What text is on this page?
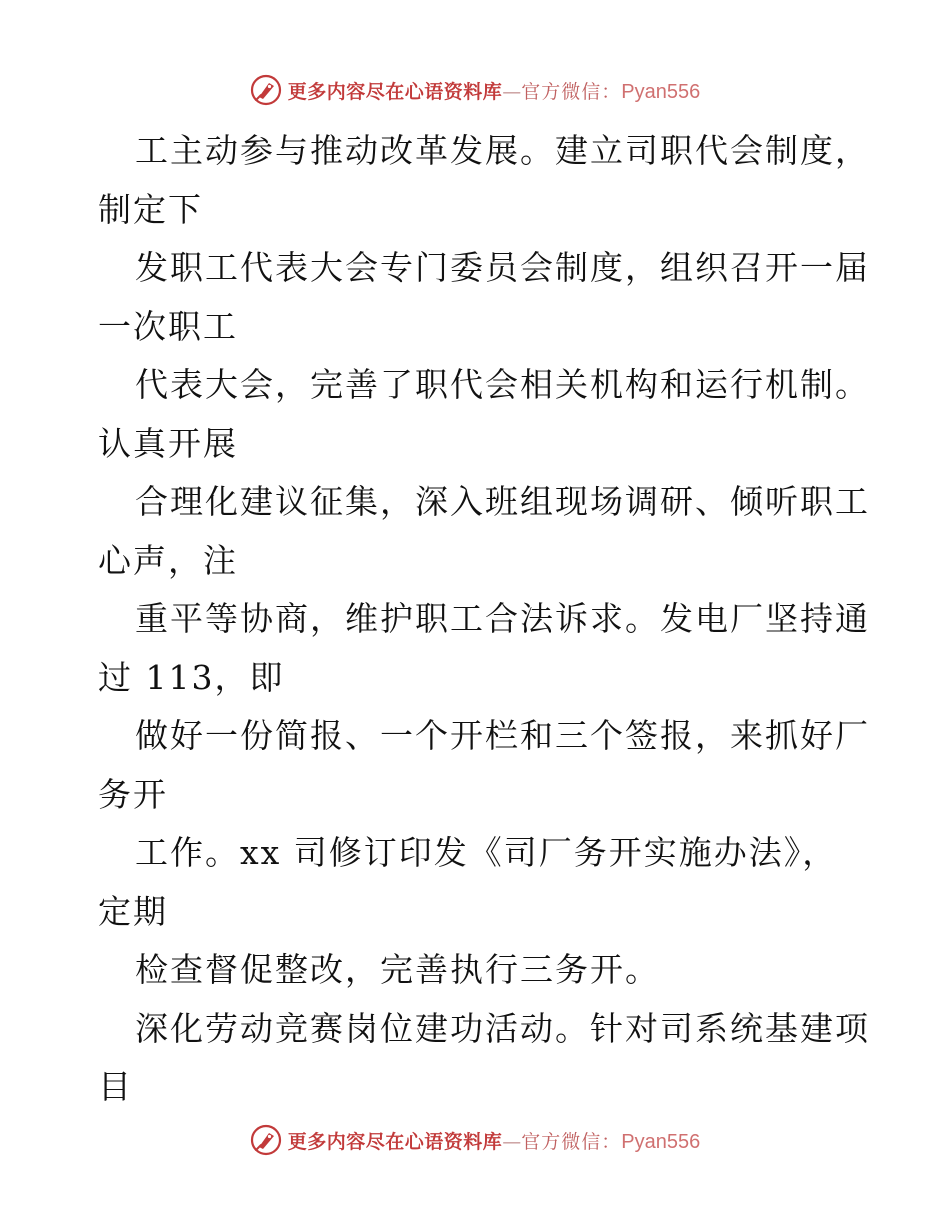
更多内容尽在心语资料库 — 官方微信： Pyan556
工主动参与推动改革发展。建立司职代会制度，
制定下
发职工代表大会专门委员会制度，组织召开一届
一次职工
代表大会，完善了职代会相关机构和运行机制。
认真开展
合理化建议征集，深入班组现场调研、倾听职工
心声，注
重平等协商，维护职工合法诉求。发电厂坚持通
过 113，即
做好一份简报、一个开栏和三个签报，来抓好厂
务开
工作。xx 司修订印发《司厂务开实施办法》，
定期
检查督促整改，完善执行三务开。
深化劳动竞赛岗位建功活动。针对司系统基建项
目
更多内容尽在心语资料库 — 官方微信： Pyan556
